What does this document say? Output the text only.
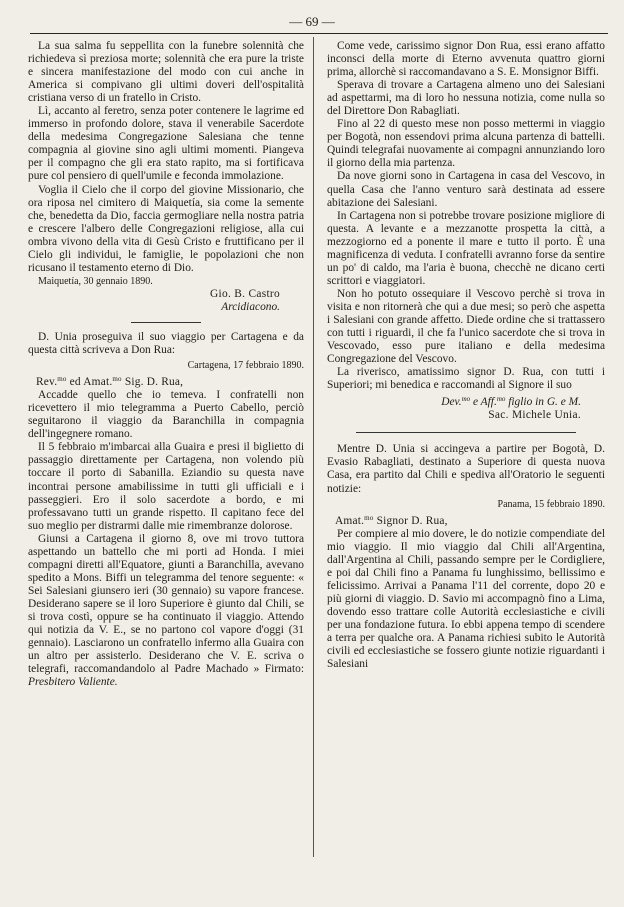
— 69 —

La sua salma fu seppellita con la funebre solennità che richiedeva sì preziosa morte; solennità che era pure la triste e sincera manifestazione del modo con cui anche in America si compivano gli ultimi doveri dell'ospitalità cristiana verso di un fratello in Cristo.

Lì, accanto al feretro, senza poter contenere le lagrime ed immerso in profondo dolore, stava il venerabile Sacerdote della medesima Congregazione Salesiana che tenne compagnia al giovine sino agli ultimi momenti. Piangeva per il compagno che gli era stato rapito, ma si fortificava pure col pensiero di quell'umile e feconda immolazione.

Voglia il Cielo che il corpo del giovine Missionario, che ora riposa nel cimitero di Maiquetía, sia come la semente che, benedetta da Dio, faccia germogliare nella nostra patria e crescere l'albero delle Congregazioni religiose, alla cui ombra vivono della vita di Gesù Cristo e fruttificano per il Cielo gli individui, le famiglie, le popolazioni che non ricusano il testamento eterno di Dio.

Maiquetía, 30 gennaio 1890.

Gio. B. Castro

Arcidiacono.

D. Unia proseguiva il suo viaggio per Cartagena e da questa città scriveva a Don Rua:

Cartagena, 17 febbraio 1890.

Rev.$^{mo}$ ed Amat.$^{mo}$ Sig. D. Rua,

Accadde quello che io temeva. I confratelli non ricevettero il mio telegramma a Puerto Cabello, perciò seguitarono il viaggio da Baranchilla in compagnia dell'ingegnere romano.

Il 5 febbraio m'imbarcai alla Guaira e presi il biglietto di passaggio direttamente per Cartagena, non volendo più toccare il porto di Sabanilla. Eziandio su questa nave incontrai persone amabilissime in tutti gli ufficiali e i passeggieri. Ero il solo sacerdote a bordo, e mi professavano tutti un grande rispetto. Il capitano fece del suo meglio per distrarmi dalle mie rimembranze dolorose.

Giunsi a Cartagena il giorno 8, ove mi trovo tuttora aspettando un battello che mi porti ad Honda. I miei compagni diretti all'Equatore, giunti a Baranchilla, avevano spedito a Mons. Biffi un telegramma del tenore seguente: « Sei Salesiani giunsero ieri (30 gennaio) su vapore francese. Desiderano sapere se il loro Superiore è giunto dal Chili, se si trova costì, oppure se ha continuato il viaggio. Attendo qui notizia da V. E., se no partono col vapore d'oggi (31 gennaio). Lasciarono un confratello infermo alla Guaira con un altro per assisterlo. Desiderano che V. E. scriva o telegrafi, raccomandandolo al Padre Machado » Firmato: Presbitero Valiente.

Come vede, carissimo signor Don Rua, essi erano affatto inconsci della morte di Eterno avvenuta quattro giorni prima, allorchè si raccomandavano a S. E. Monsignor Biffi.

Sperava di trovare a Cartagena almeno uno dei Salesiani ad aspettarmi, ma di loro ho nessuna notizia, come nulla so del Direttore Don Rabagliati.

Fino al 22 di questo mese non posso mettermi in viaggio per Bogotà, non essendovi prima alcuna partenza di battelli. Quindi telegrafai nuovamente ai compagni annunziando loro il giorno della mia partenza.

Da nove giorni sono in Cartagena in casa del Vescovo, in quella Casa che l'anno venturo sarà destinata ad essere abitazione dei Salesiani.

In Cartagena non si potrebbe trovare posizione migliore di questa. A levante e a mezzanotte prospetta la città, a mezzogiorno ed a ponente il mare e tutto il porto. È una magnificenza di veduta. I confratelli avranno forse da sentire un po' di caldo, ma l'aria è buona, checchè ne dicano certi scrittori e viaggiatori.

Non ho potuto ossequiare il Vescovo perchè si trova in visita e non ritornerà che qui a due mesi; so però che aspetta i Salesiani con grande affetto. Diede ordine che si trattassero con tutti i riguardi, il che fa l'unico sacerdote che si trova in Vescovado, esso pure italiano e della medesima Congregazione del Vescovo.

La riverisco, amatissimo signor D. Rua, con tutti i Superiori; mi benedica e raccomandi al Signore il suo

Dev.$^{mo}$ e Aff.$^{mo}$ figlio in G. e M.

Sac. Michele Unia.

Mentre D. Unia si accingeva a partire per Bogotà, D. Evasio Rabagliati, destinato a Superiore di questa nuova Casa, era partito dal Chili e spediva all'Oratorio le seguenti notizie:

Panama, 15 febbraio 1890.

Amat.$^{mo}$ Signor D. Rua,

Per compiere al mio dovere, le do notizie compendiate del mio viaggio. Il mio viaggio dal Chili all'Argentina, dall'Argentina al Chili, passando sempre per le Cordigliere, e poi dal Chili fino a Panama fu lunghissimo, bellissimo e felicissimo. Arrivai a Panama l'11 del corrente, dopo 20 e più giorni di viaggio. D. Savio mi accompagnò fino a Lima, dovendo esso trattare colle Autorità ecclesiastiche e civili per una fondazione futura. Io ebbi appena tempo di scendere a terra per qualche ora. A Panama richiesi subito le Autorità civili ed ecclesiastiche se fossero giunte notizie riguardanti i Salesiani
